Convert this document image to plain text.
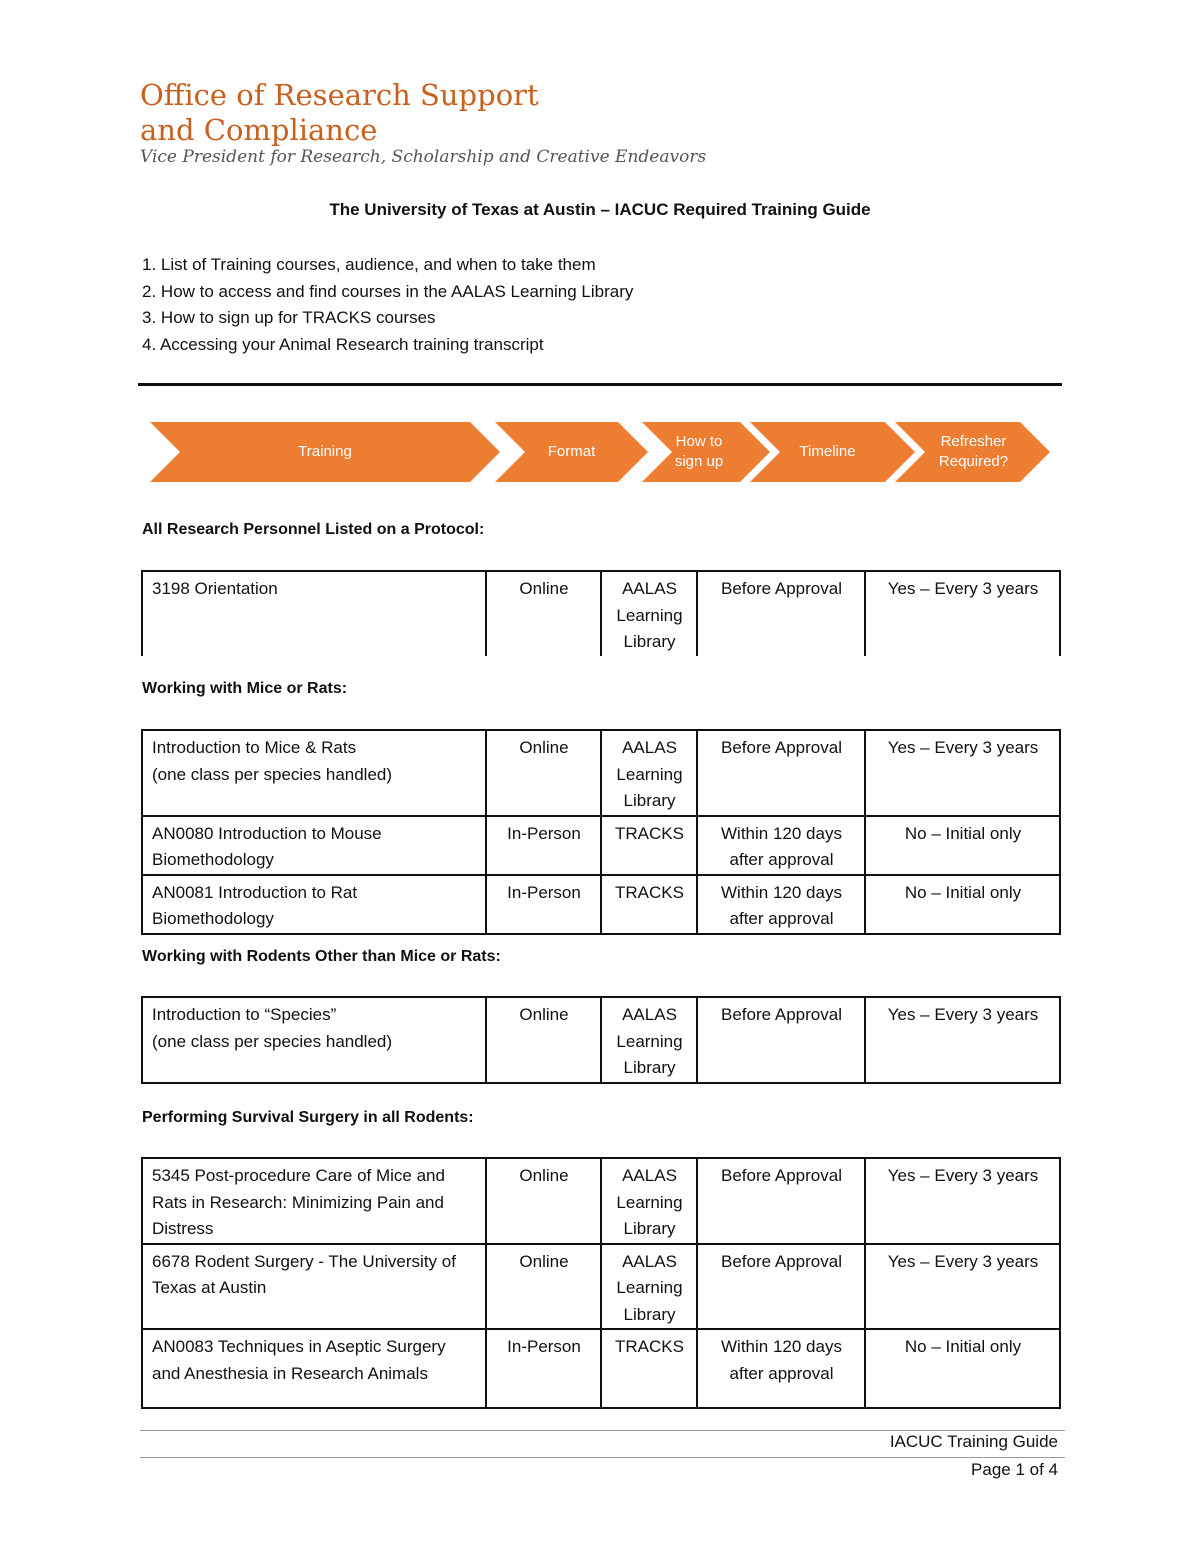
Office of Research Support
and Compliance
Vice President for Research, Scholarship and Creative Endeavors
The University of Texas at Austin – IACUC Required Training Guide
1. List of Training courses, audience, and when to take them
2. How to access and find courses in the AALAS Learning Library
3. How to sign up for TRACKS courses
4. Accessing your Animal Research training transcript
Training	Format
How to
sign up
Timeline
Refresher
Required?
All Research Personnel Listed on a Protocol:
3198 Orientation	Online	AALAS Learning Library	Before Approval	Yes – Every 3 years
Working with Mice or Rats:
Introduction to Mice & Rats
(one class per species handled)	Online	AALAS Learning Library	Before Approval	Yes – Every 3 years
AN0080 Introduction to Mouse Biomethodology	In-Person	TRACKS	Within 120 days after approval	No – Initial only
AN0081 Introduction to Rat Biomethodology	In-Person	TRACKS	Within 120 days after approval	No – Initial only
Working with Rodents Other than Mice or Rats:
Introduction to “Species”
(one class per species handled)	Online	AALAS Learning Library	Before Approval	Yes – Every 3 years
Performing Survival Surgery in all Rodents:
5345 Post-procedure Care of Mice and Rats in Research: Minimizing Pain and Distress	Online	AALAS Learning Library	Before Approval	Yes – Every 3 years
6678 Rodent Surgery - The University of Texas at Austin	Online	AALAS Learning Library	Before Approval	Yes – Every 3 years
AN0083 Techniques in Aseptic Surgery and Anesthesia in Research Animals	In-Person	TRACKS	Within 120 days after approval	No – Initial only
IACUC Training Guide
Page 1 of 4
